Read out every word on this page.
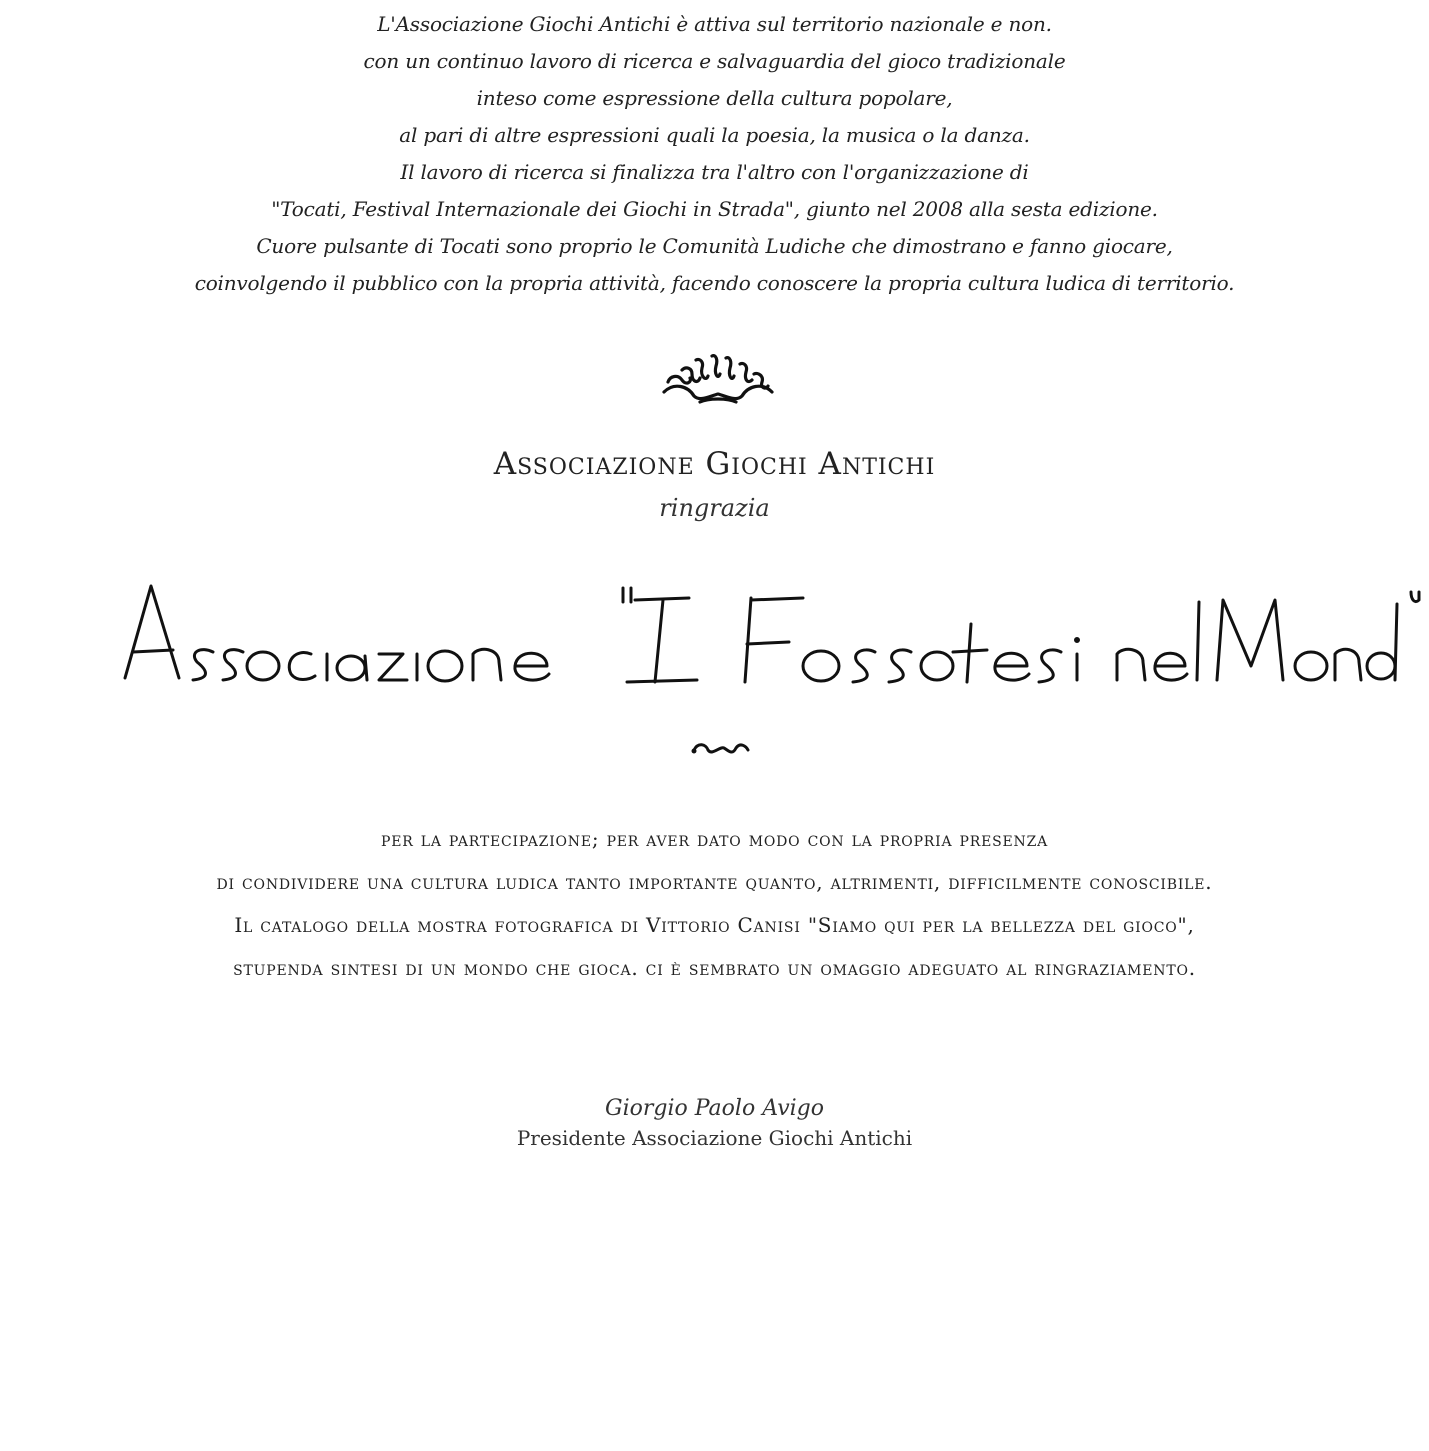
L'Associazione Giochi Antichi è attiva sul territorio nazionale e non.
con un continuo lavoro di ricerca e salvaguardia del gioco tradizionale
inteso come espressione della cultura popolare,
al pari di altre espressioni quali la poesia, la musica o la danza.
Il lavoro di ricerca si finalizza tra l'altro con l'organizzazione di
"Tocati, Festival Internazionale dei Giochi in Strada", giunto nel 2008 alla sesta edizione.
Cuore pulsante di Tocati sono proprio le Comunità Ludiche che dimostrano e fanno giocare,
coinvolgendo il pubblico con la propria attività, facendo conoscere la propria cultura ludica di territorio.
Associazione Giochi Antichi
ringrazia
per la partecipazione; per aver dato modo con la propria presenza
di condividere una cultura ludica tanto importante quanto, altrimenti, difficilmente conoscibile.
Il catalogo della mostra fotografica di Vittorio Canisi "Siamo qui per la bellezza del gioco",
stupenda sintesi di un mondo che gioca. ci è sembrato un omaggio adeguato al ringraziamento.
Giorgio Paolo Avigo
Presidente Associazione Giochi Antichi
